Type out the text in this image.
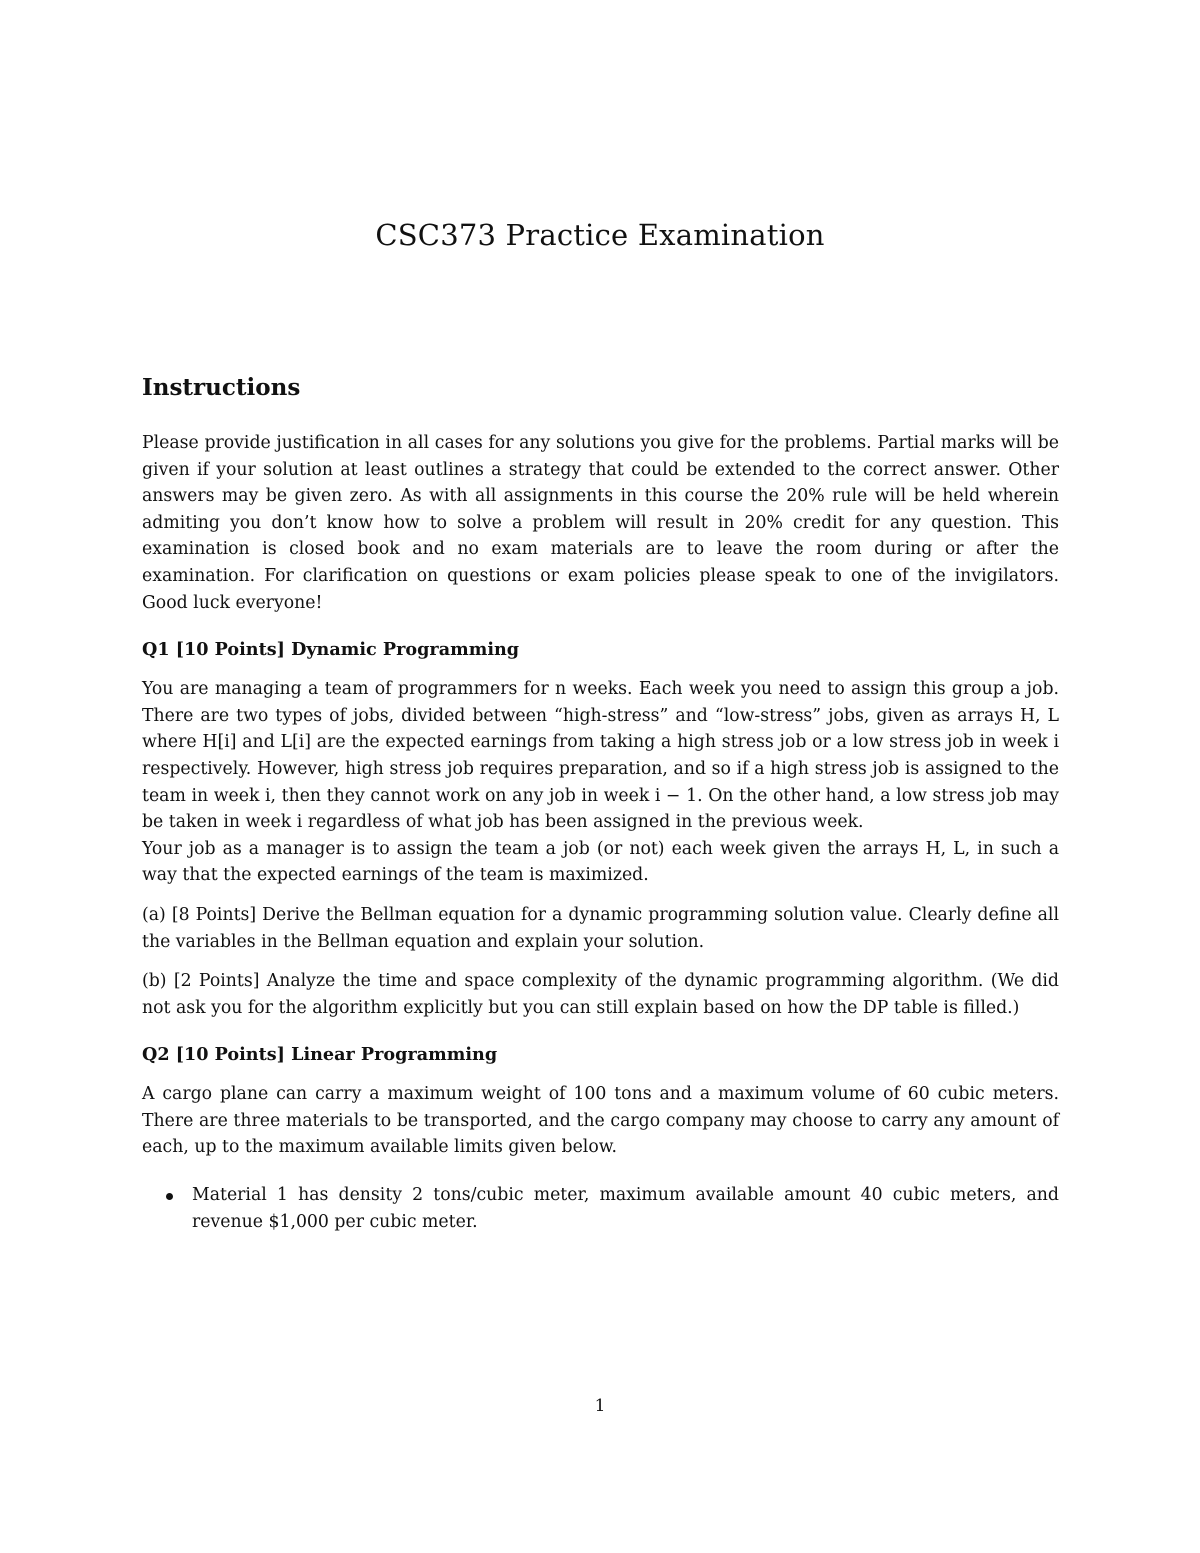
CSC373 Practice Examination
Instructions

Please provide justification in all cases for any solutions you give for the problems. Partial marks will be given if your solution at least outlines a strategy that could be extended to the correct answer. Other answers may be given zero. As with all assignments in this course the 20% rule will be held wherein admiting you don’t know how to solve a problem will result in 20% credit for any question. This examination is closed book and no exam materials are to leave the room during or after the examination. For clarification on questions or exam policies please speak to one of the invigilators. Good luck everyone!

Q1 [10 Points] Dynamic Programming

You are managing a team of programmers for n weeks. Each week you need to assign this group a job. There are two types of jobs, divided between “high-stress” and “low-stress” jobs, given as arrays H, L where H[i] and L[i] are the expected earnings from taking a high stress job or a low stress job in week i respectively. However, high stress job requires preparation, and so if a high stress job is assigned to the team in week i, then they cannot work on any job in week i − 1. On the other hand, a low stress job may be taken in week i regardless of what job has been assigned in the previous week.

Your job as a manager is to assign the team a job (or not) each week given the arrays H, L, in such a way that the expected earnings of the team is maximized.

(a) [8 Points] Derive the Bellman equation for a dynamic programming solution value. Clearly define all the variables in the Bellman equation and explain your solution.

(b) [2 Points] Analyze the time and space complexity of the dynamic programming algorithm. (We did not ask you for the algorithm explicitly but you can still explain based on how the DP table is filled.)

Q2 [10 Points] Linear Programming

A cargo plane can carry a maximum weight of 100 tons and a maximum volume of 60 cubic meters. There are three materials to be transported, and the cargo company may choose to carry any amount of each, up to the maximum available limits given below.

Material 1 has density 2 tons/cubic meter, maximum available amount 40 cubic meters, and revenue $1,000 per cubic meter.

1
